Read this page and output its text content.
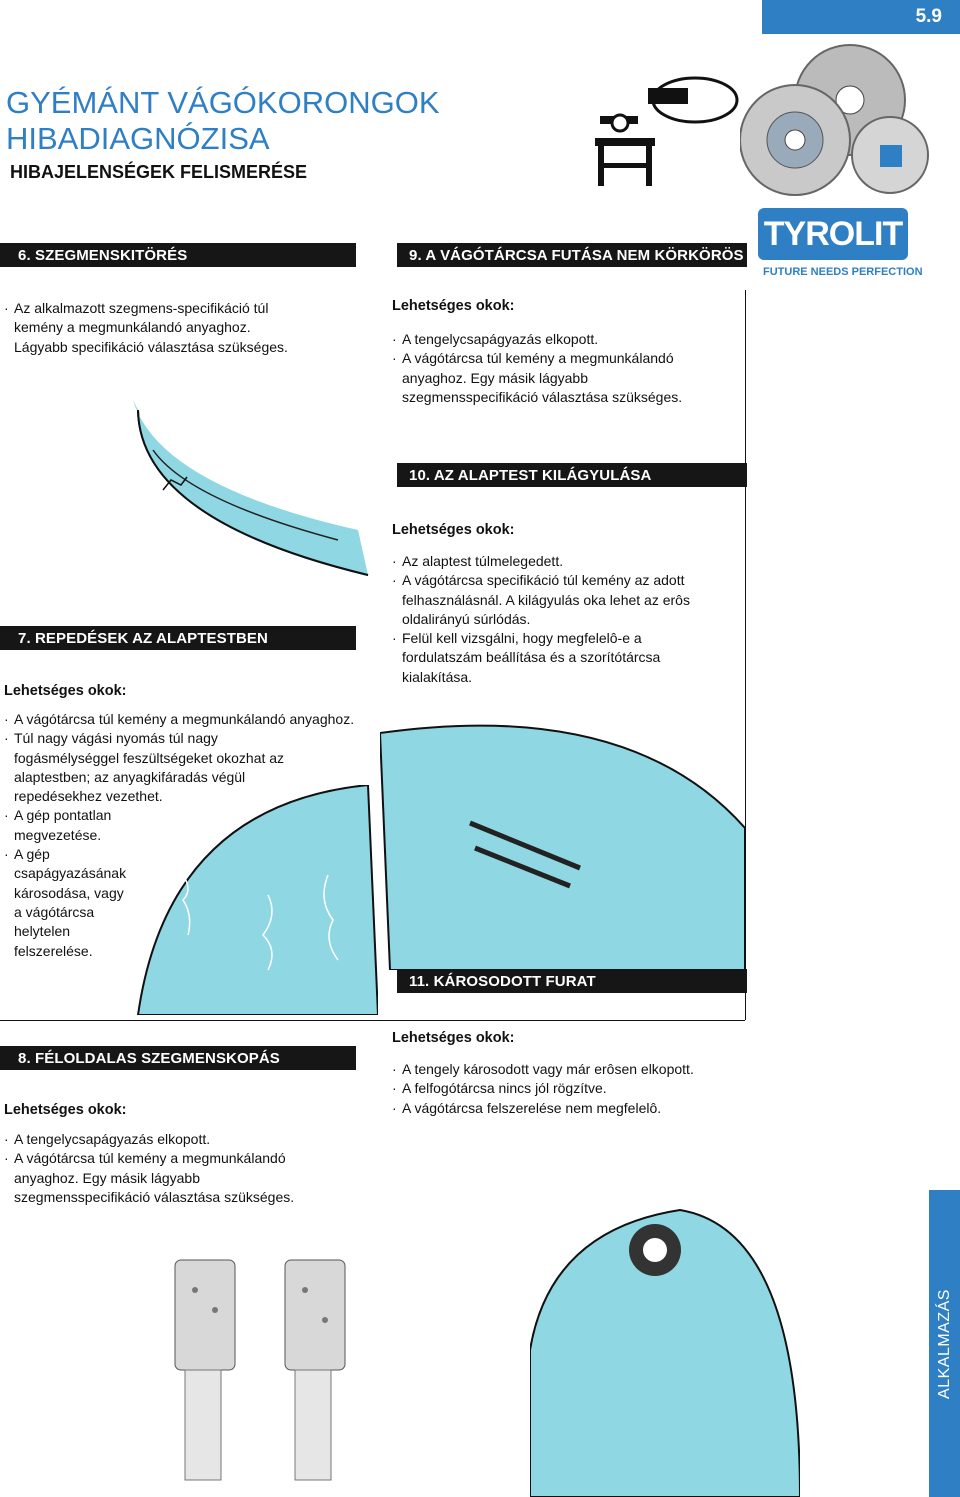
5.9
GYÉMÁNT VÁGÓKORONGOK
HIBADIAGNÓZISA
HIBAJELENSÉGEK FELISMERÉSE
TYROLIT
FUTURE NEEDS PERFECTION
6. SZEGMENSKITÖRÉS
· Az alkalmazott szegmens-specifikáció túl kemény a megmunkálandó anyaghoz. Lágyabb specifikáció választása szükséges.
7. REPEDÉSEK AZ ALAPTESTBEN
Lehetséges okok:
· A vágótárcsa túl kemény a megmunkálandó anyaghoz.
· Túl nagy vágási nyomás túl nagy fogásmélységgel feszültségeket okozhat az alaptestben; az anyagkifáradás végül repedésekhez vezethet.
· A gép pontatlan megvezetése.
· A gép csapágyazásának károsodása, vagy a vágótárcsa helytelen felszerelése.
8. FÉLOLDALAS SZEGMENSKOPÁS
Lehetséges okok:
· A tengelycsapágyazás elkopott.
· A vágótárcsa túl kemény a megmunkálandó anyaghoz. Egy másik lágyabb szegmensspecifikáció választása szükséges.
9. A VÁGÓTÁRCSA FUTÁSA NEM KÖRKÖRÖS
Lehetséges okok:
· A tengelycsapágyazás elkopott.
· A vágótárcsa túl kemény a megmunkálandó anyaghoz. Egy másik lágyabb szegmensspecifikáció választása szükséges.
10. AZ ALAPTEST KILÁGYULÁSA
Lehetséges okok:
· Az alaptest túlmelegedett.
· A vágótárcsa specifikáció túl kemény az adott felhasználásnál. A kilágyulás oka lehet az erôs oldalirányú súrlódás.
· Felül kell vizsgálni, hogy megfelelô-e a fordulatszám beállítása és a szorítótárcsa kialakítása.
11. KÁROSODOTT FURAT
Lehetséges okok:
· A tengely károsodott vagy már erôsen elkopott.
· A felfogótárcsa nincs jól rögzítve.
· A vágótárcsa felszerelése nem megfelelô.
ALKALMAZÁS
